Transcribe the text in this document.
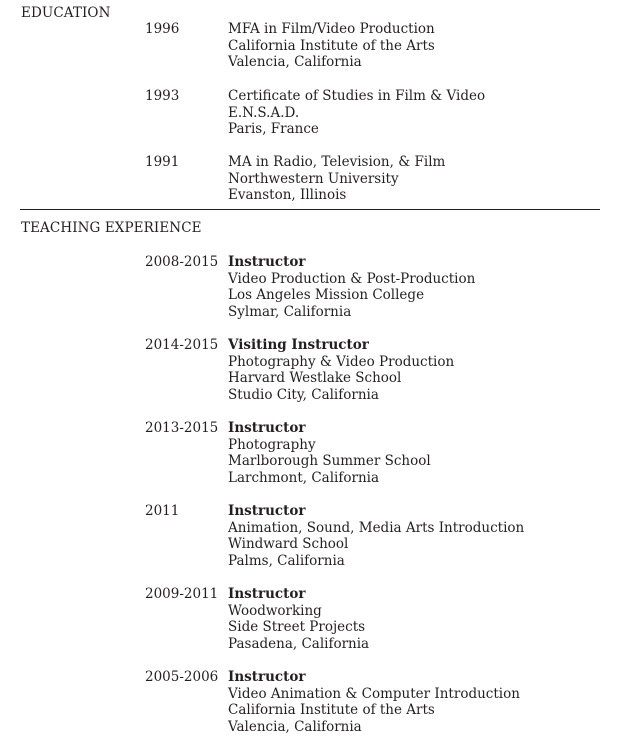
EDUCATION
1996	MFA in Film/Video Production
California Institute of the Arts
Valencia, California
1993	Certificate of Studies in Film & Video
E.N.S.A.D.
Paris, France
1991	MA in Radio, Television, & Film
Northwestern University
Evanston, Illinois
TEACHING EXPERIENCE
2008-2015 Instructor
Video Production & Post-Production
Los Angeles Mission College
Sylmar, California
2014-2015 Visiting Instructor
Photography & Video Production
Harvard Westlake School
Studio City, California
2013-2015 Instructor
Photography
Marlborough Summer School
Larchmont, California
2011	Instructor
Animation, Sound, Media Arts Introduction
Windward School
Palms, California
2009-2011 Instructor
Woodworking
Side Street Projects
Pasadena, California
2005-2006 Instructor
Video Animation & Computer Introduction
California Institute of the Arts
Valencia, California
